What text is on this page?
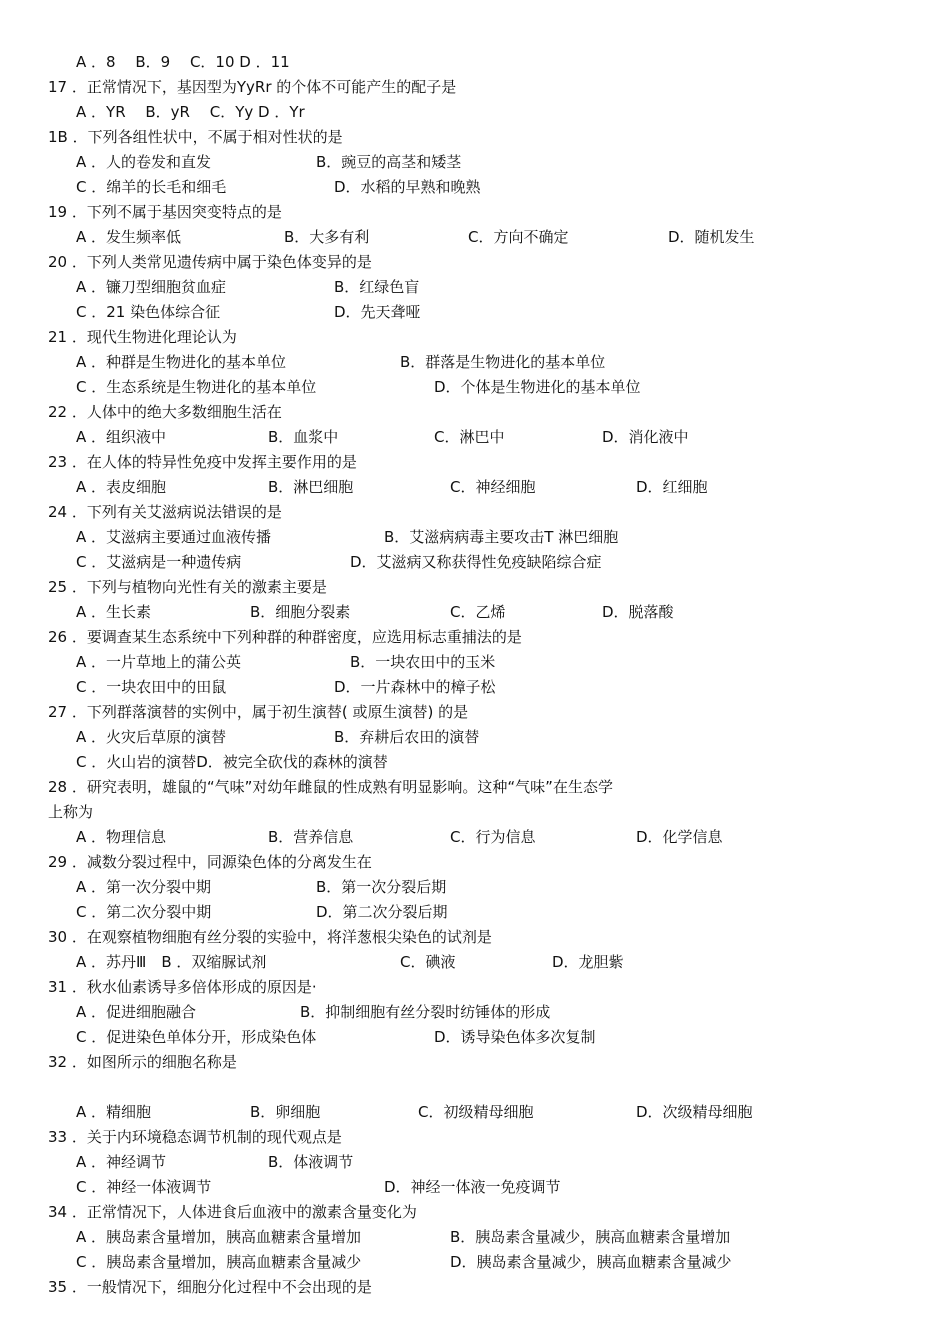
A ．8　 B．9　 C．10 D ．11
17 ．正常情况下，基因型为YyRr 的个体不可能产生的配子是
A ．YR　 B．yR　 C．Yy D ．Yr
1B ．下列各组性状中，不属于相对性状的是
A ．人的卷发和直发	B．豌豆的高茎和矮茎
C ．绵羊的长毛和细毛	D．水稻的早熟和晚熟
19 ．下列不属于基因突变特点的是
A ．发生频率低	B．大多有利	C．方向不确定	D．随机发生
20 ．下列人类常见遗传病中属于染色体变异的是
A ．镰刀型细胞贫血症	B．红绿色盲
C ．21 染色体综合征	D．先天聋哑
21 ．现代生物进化理论认为
A ．种群是生物进化的基本单位	B．群落是生物进化的基本单位
C ．生态系统是生物进化的基本单位	D．个体是生物进化的基本单位
22 ．人体中的绝大多数细胞生活在
A ．组织液中	B．血浆中	C．淋巴中	D．消化液中
23 ．在人体的特异性免疫中发挥主要作用的是
A ．表皮细胞	B．淋巴细胞	C．神经细胞	D．红细胞
24 ．下列有关艾滋病说法错误的是
A ．艾滋病主要通过血液传播	B．艾滋病病毒主要攻击T 淋巴细胞
C ．艾滋病是一种遗传病	D．艾滋病又称获得性免疫缺陷综合症
25 ．下列与植物向光性有关的激素主要是
A ．生长素	B．细胞分裂素	C．乙烯	D．脱落酸
26 ．要调查某生态系统中下列种群的种群密度，应选用标志重捕法的是
A ．一片草地上的蒲公英	B．一块农田中的玉米
C ．一块农田中的田鼠	D．一片森林中的樟子松
27 ．下列群落演替的实例中，属于初生演替( 或原生演替) 的是
A ．火灾后草原的演替	B．弃耕后农田的演替
C ．火山岩的演替D．被完全砍伐的森林的演替
28 ．研究表明，雄鼠的“气味”对幼年雌鼠的性成熟有明显影响。这种“气味”在生态学
上称为
A ．物理信息	B．营养信息	C．行为信息	D．化学信息
29 ．减数分裂过程中，同源染色体的分离发生在
A ．第一次分裂中期	B．第一次分裂后期
C ．第二次分裂中期	D．第二次分裂后期
30 ．在观察植物细胞有丝分裂的实验中，将洋葱根尖染色的试剂是
A ．苏丹Ⅲ　B ．双缩脲试剂	C．碘液	D．龙胆紫
31 ．秋水仙素诱导多倍体形成的原因是·
A ．促进细胞融合	B．抑制细胞有丝分裂时纺锤体的形成
C ．促进染色单体分开，形成染色体	D．诱导染色体多次复制
32 ．如图所示的细胞名称是
A ．精细胞	B．卵细胞	C．初级精母细胞	D．次级精母细胞
33 ．关于内环境稳态调节机制的现代观点是
A ．神经调节	B．体液调节
C ．神经一体液调节	D．神经一体液一免疫调节
34 ．正常情况下，人体进食后血液中的激素含量变化为
A ．胰岛素含量增加，胰高血糖素含量增加	B．胰岛素含量减少，胰高血糖素含量增加
C ．胰岛素含量增加，胰高血糖素含量减少	D．胰岛素含量减少，胰高血糖素含量减少
35 ．一般情况下，细胞分化过程中不会出现的是
